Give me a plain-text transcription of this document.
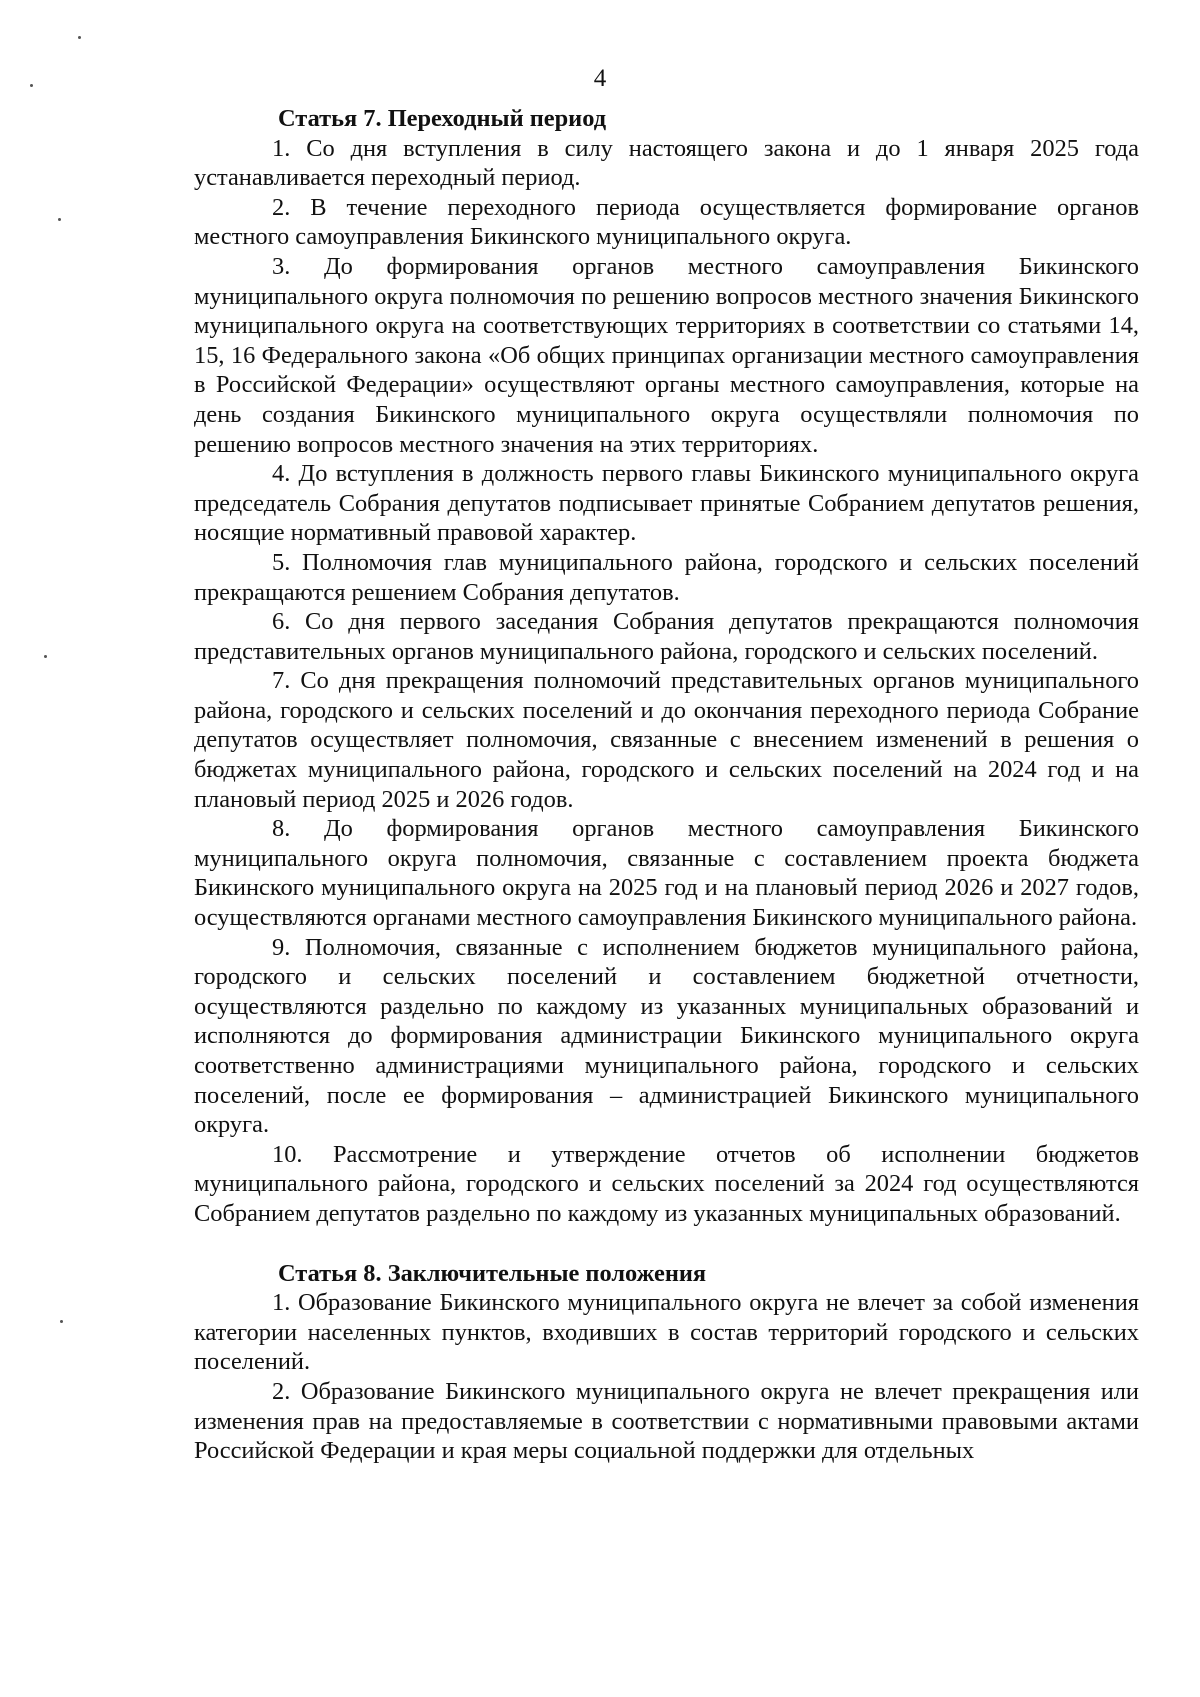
4

Статья 7. Переходный период

1. Со дня вступления в силу настоящего закона и до 1 января 2025 года устанавливается переходный период.

2. В течение переходного периода осуществляется формирование органов местного самоуправления Бикинского муниципального округа.

3. До формирования органов местного самоуправления Бикинского муниципального округа полномочия по решению вопросов местного значения Бикинского муниципального округа на соответствующих территориях в соответствии со статьями 14, 15, 16 Федерального закона «Об общих принципах организации местного самоуправления в Российской Федерации» осуществляют органы местного самоуправления, которые на день создания Бикинского муниципального округа осуществляли полномочия по решению вопросов местного значения на этих территориях.

4. До вступления в должность первого главы Бикинского муниципального округа председатель Собрания депутатов подписывает принятые Собранием депутатов решения, носящие нормативный правовой характер.

5. Полномочия глав муниципального района, городского и сельских поселений прекращаются решением Собрания депутатов.

6. Со дня первого заседания Собрания депутатов прекращаются полномочия представительных органов муниципального района, городского и сельских поселений.

7. Со дня прекращения полномочий представительных органов муниципального района, городского и сельских поселений и до окончания переходного периода Собрание депутатов осуществляет полномочия, связанные с внесением изменений в решения о бюджетах муниципального района, городского и сельских поселений на 2024 год и на плановый период 2025 и 2026 годов.

8. До формирования органов местного самоуправления Бикинского муниципального округа полномочия, связанные с составлением проекта бюджета Бикинского муниципального округа на 2025 год и на плановый период 2026 и 2027 годов, осуществляются органами местного самоуправления Бикинского муниципального района.

9. Полномочия, связанные с исполнением бюджетов муниципального района, городского и сельских поселений и составлением бюджетной отчетности, осуществляются раздельно по каждому из указанных муниципальных образований и исполняются до формирования администрации Бикинского муниципального округа соответственно администрациями муниципального района, городского и сельских поселений, после ее формирования – администрацией Бикинского муниципального округа.

10. Рассмотрение и утверждение отчетов об исполнении бюджетов муниципального района, городского и сельских поселений за 2024 год осуществляются Собранием депутатов раздельно по каждому из указанных муниципальных образований.

Статья 8. Заключительные положения

1. Образование Бикинского муниципального округа не влечет за собой изменения категории населенных пунктов, входивших в состав территорий городского и сельских поселений.

2. Образование Бикинского муниципального округа не влечет прекращения или изменения прав на предоставляемые в соответствии с нормативными правовыми актами Российской Федерации и края меры социальной поддержки для отдельных
